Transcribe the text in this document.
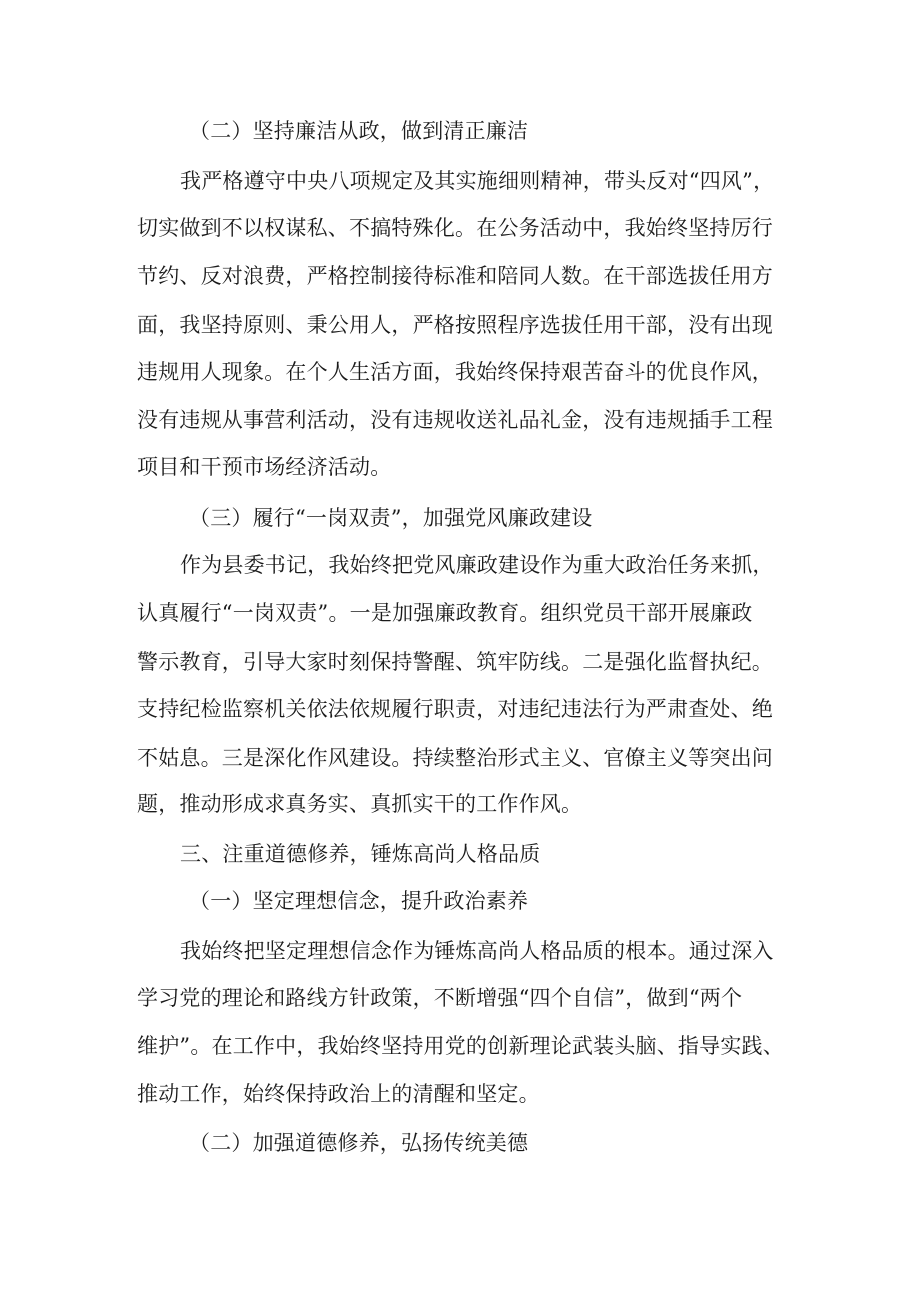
（二）坚持廉洁从政，做到清正廉洁

我严格遵守中央八项规定及其实施细则精神，带头反对“四风”，

切实做到不以权谋私、不搞特殊化。在公务活动中，我始终坚持厉行

节约、反对浪费，严格控制接待标准和陪同人数。在干部选拔任用方

面，我坚持原则、秉公用人，严格按照程序选拔任用干部，没有出现

违规用人现象。在个人生活方面，我始终保持艰苦奋斗的优良作风，

没有违规从事营利活动，没有违规收送礼品礼金，没有违规插手工程

项目和干预市场经济活动。

（三）履行“一岗双责”，加强党风廉政建设

作为县委书记，我始终把党风廉政建设作为重大政治任务来抓，

认真履行“一岗双责”。一是加强廉政教育。组织党员干部开展廉政

警示教育，引导大家时刻保持警醒、筑牢防线。二是强化监督执纪。

支持纪检监察机关依法依规履行职责，对违纪违法行为严肃查处、绝

不姑息。三是深化作风建设。持续整治形式主义、官僚主义等突出问

题，推动形成求真务实、真抓实干的工作作风。

三、注重道德修养，锤炼高尚人格品质

（一）坚定理想信念，提升政治素养

我始终把坚定理想信念作为锤炼高尚人格品质的根本。通过深入

学习党的理论和路线方针政策，不断增强“四个自信”，做到“两个

维护”。在工作中，我始终坚持用党的创新理论武装头脑、指导实践、

推动工作，始终保持政治上的清醒和坚定。

（二）加强道德修养，弘扬传统美德
